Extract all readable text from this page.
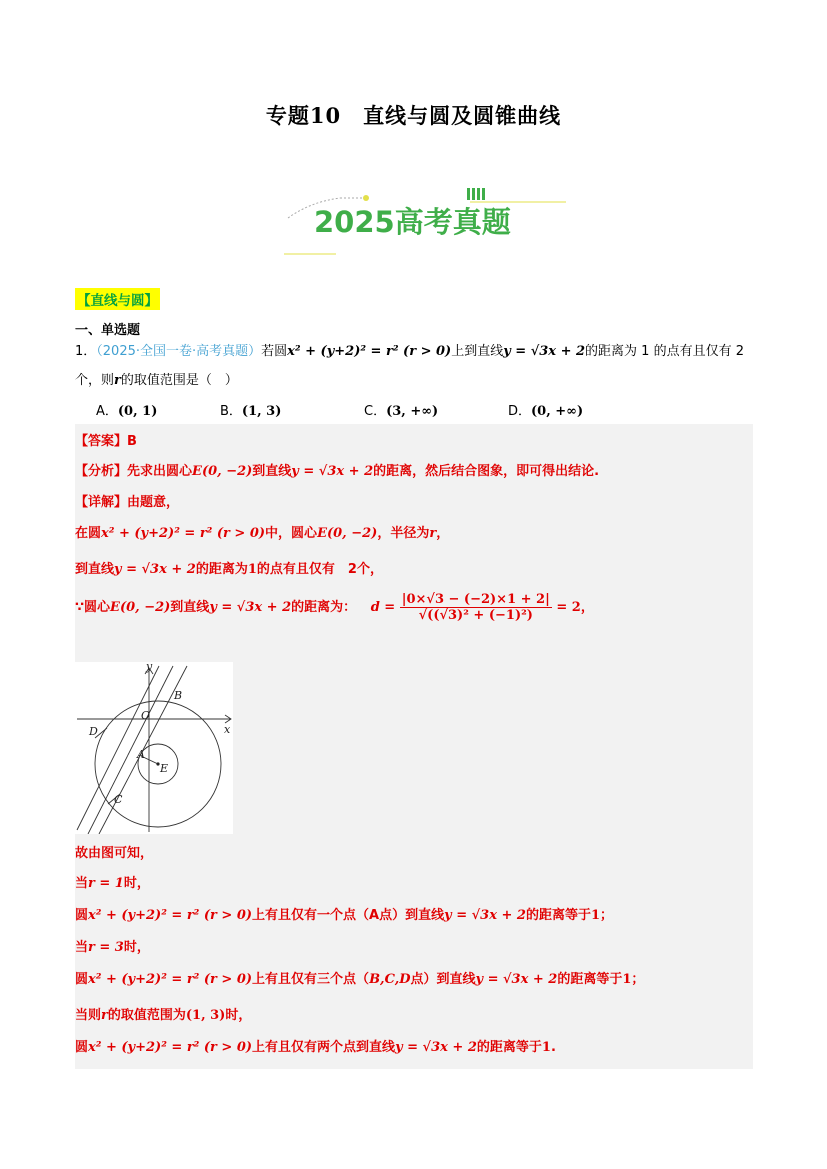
专题10　直线与圆及圆锥曲线
2025高考真题
【直线与圆】
一、单选题
1．（2025·全国一卷·高考真题）若圆x² + (y+2)² = r² (r > 0)上到直线y = √3x + 2的距离为 1 的点有且仅有 2
个，则r的取值范围是（　）
A．(0, 1)	B．(1, 3)	C．(3, +∞)	D．(0, +∞)
【答案】B
【分析】先求出圆心E(0, −2)到直线y = √3x + 2的距离，然后结合图象，即可得出结论.
【详解】由题意，
在圆x² + (y+2)² = r² (r > 0)中，圆心E(0, −2)，半径为r，
到直线y = √3x + 2的距离为1的点有且仅有　2个，
∵圆心E(0, −2)到直线y = √3x + 2的距离为： $d = \frac{|0\times√3 - (-2)\times 1 + 2|}{\text{√((√3)² + (−1)²)}} = 2$，
故由图可知，
当r = 1时，
圆x² + (y+2)² = r² (r > 0)上有且仅有一个点（A点）到直线y = √3x + 2的距离等于1；
当r = 3时，
圆x² + (y+2)² = r² (r > 0)上有且仅有三个点（B,C,D点）到直线y = √3x + 2的距离等于1；
当则r的取值范围为(1, 3)时，
圆x² + (y+2)² = r² (r > 0)上有且仅有两个点到直线y = √3x + 2的距离等于1.
y
x
O
B
D
A
E
C
